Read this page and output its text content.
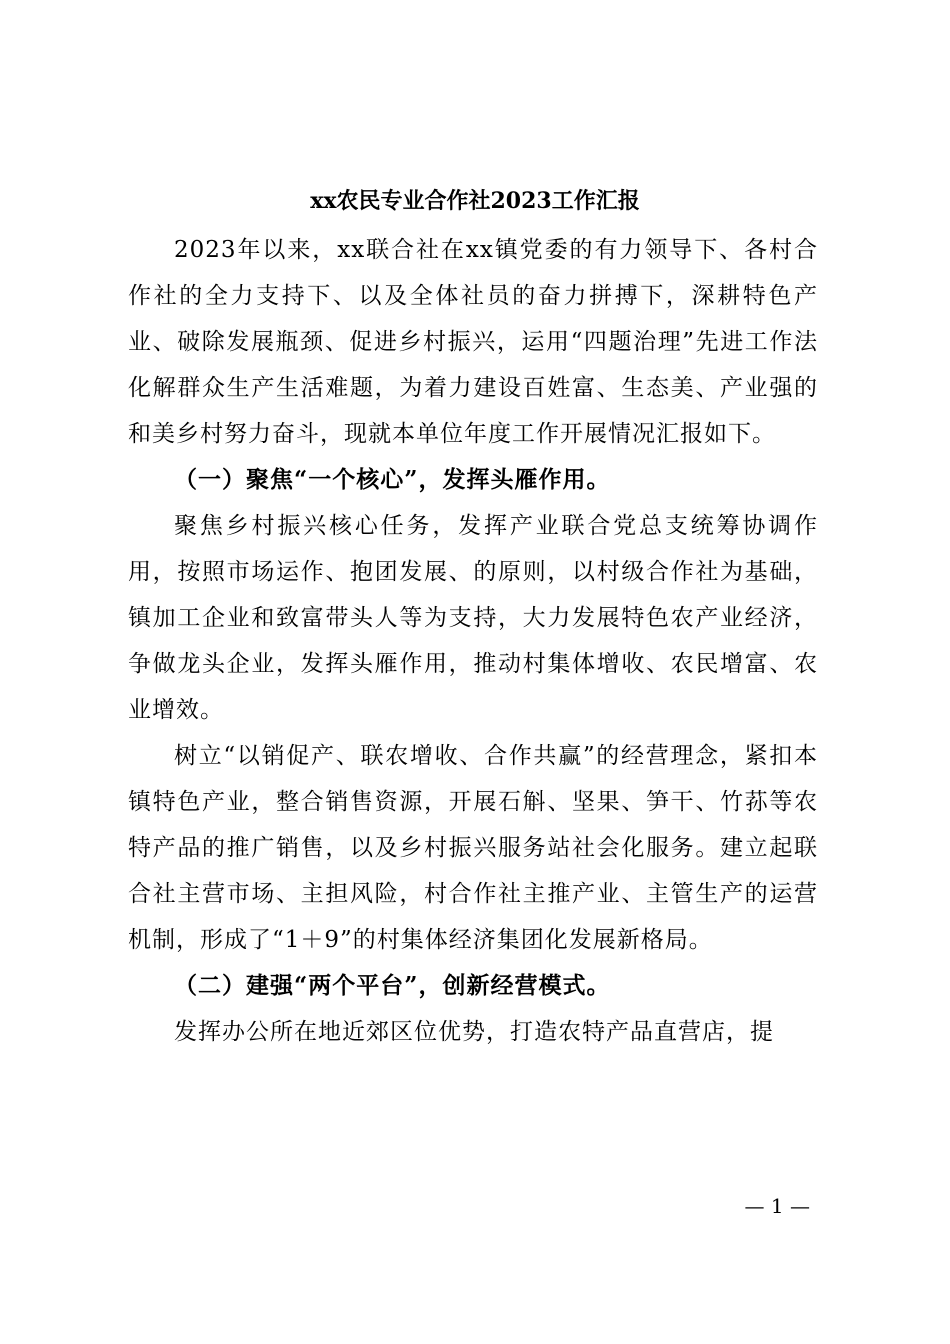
xx农民专业合作社2023工作汇报

2023年以来，xx联合社在xx镇党委的有力领导下、各村合作社的全力支持下、以及全体社员的奋力拼搏下，深耕特色产业、破除发展瓶颈、促进乡村振兴，运用“四题治理”先进工作法化解群众生产生活难题，为着力建设百姓富、生态美、产业强的和美乡村努力奋斗，现就本单位年度工作开展情况汇报如下。

（一）聚焦“一个核心”，发挥头雁作用。

聚焦乡村振兴核心任务，发挥产业联合党总支统筹协调作用，按照市场运作、抱团发展、的原则，以村级合作社为基础，镇加工企业和致富带头人等为支持，大力发展特色农产业经济，争做龙头企业，发挥头雁作用，推动村集体增收、农民增富、农业增效。

树立“以销促产、联农增收、合作共赢”的经营理念，紧扣本镇特色产业，整合销售资源，开展石斛、坚果、笋干、竹荪等农特产品的推广销售，以及乡村振兴服务站社会化服务。建立起联合社主营市场、主担风险，村合作社主推产业、主管生产的运营机制，形成了“1＋9”的村集体经济集团化发展新格局。

（二）建强“两个平台”，创新经营模式。

发挥办公所在地近郊区位优势，打造农特产品直营店，提

— 1 —
